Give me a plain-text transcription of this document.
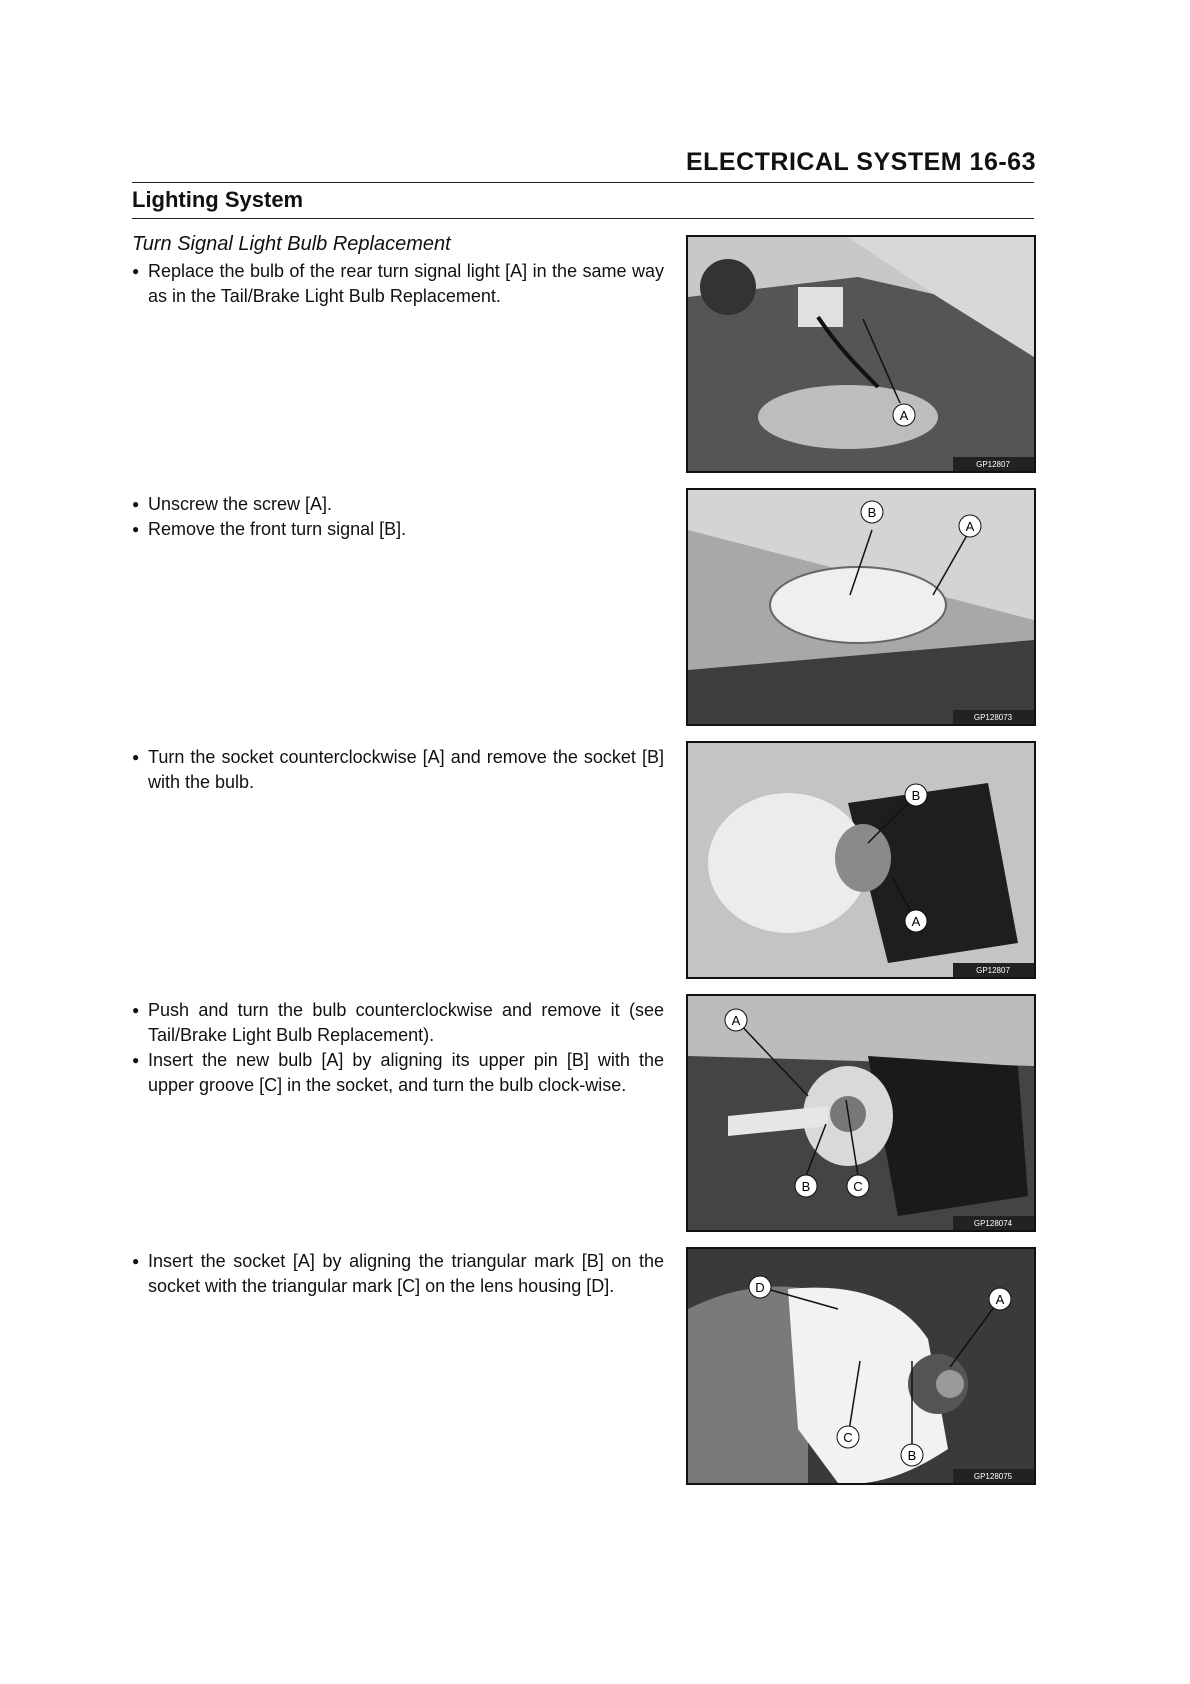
ELECTRICAL SYSTEM 16-63
Lighting System
Turn Signal Light Bulb Replacement

● Replace the bulb of the rear turn signal light [A] in the same way as in the Tail/Brake Light Bulb Replacement.

● Unscrew the screw [A].

● Remove the front turn signal [B].

● Turn the socket counterclockwise [A] and remove the socket [B] with the bulb.

● Push and turn the bulb counterclockwise and remove it (see Tail/Brake Light Bulb Replacement).

● Insert the new bulb [A] by aligning its upper pin [B] with the upper groove [C] in the socket, and turn the bulb clock-wise.

● Insert the socket [A] by aligning the triangular mark [B] on the socket with the triangular mark [C] on the lens housing [D].

A
GP12807
B
A
GP128073
B
A
GP12807
A
B	C
GP128074
D
A
C
B
GP128075
